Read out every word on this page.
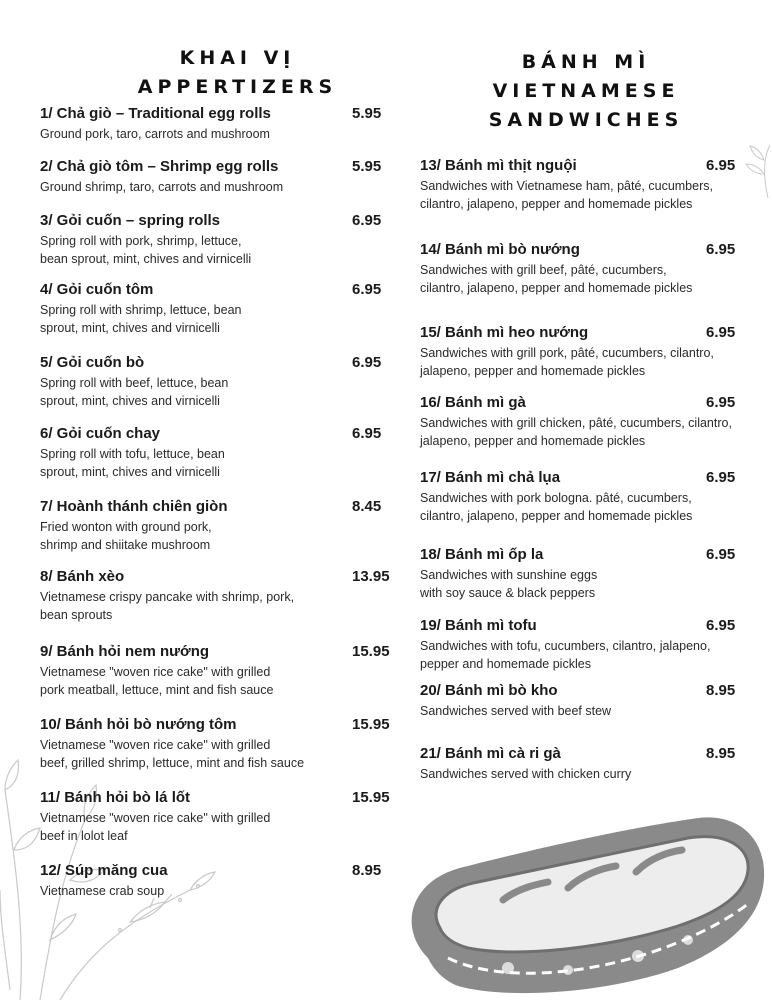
KHAI VỊ
APPERTIZERS
1/ Chả giò – Traditional egg rolls	5.95
Ground pork, taro, carrots and mushroom
2/ Chả giò tôm – Shrimp egg rolls	5.95
Ground shrimp, taro, carrots and mushroom
3/ Gỏi cuốn – spring rolls	6.95
Spring roll with pork, shrimp, lettuce,
bean sprout, mint, chives and virnicelli
4/ Gỏi cuốn tôm	6.95
Spring roll with shrimp, lettuce, bean
sprout, mint, chives and virnicelli
5/ Gỏi cuốn bò	6.95
Spring roll with beef, lettuce, bean
sprout, mint, chives and virnicelli
6/ Gỏi cuốn chay	6.95
Spring roll with tofu, lettuce, bean
sprout, mint, chives and virnicelli
7/ Hoành thánh chiên giòn	8.45
Fried wonton with ground pork,
shrimp and shiitake mushroom
8/ Bánh xèo	13.95
Vietnamese crispy pancake with shrimp, pork,
bean sprouts
9/ Bánh hỏi nem nướng	15.95
Vietnamese "woven rice cake" with grilled
pork meatball, lettuce, mint and fish sauce
10/ Bánh hỏi bò nướng tôm	15.95
Vietnamese "woven rice cake" with grilled
beef, grilled shrimp, lettuce, mint and fish sauce
11/ Bánh hỏi bò lá lốt	15.95
Vietnamese "woven rice cake" with grilled
beef in lolot leaf
12/ Súp măng cua	8.95
Vietnamese crab soup
BÁNH MÌ
VIETNAMESE
SANDWICHES
13/ Bánh mì thịt nguội	6.95
Sandwiches with Vietnamese ham, pâté, cucumbers,
cilantro, jalapeno, pepper and homemade pickles
14/ Bánh mì bò nướng	6.95
Sandwiches with grill beef, pâté, cucumbers,
cilantro, jalapeno, pepper and homemade pickles
15/ Bánh mì heo nướng	6.95
Sandwiches with grill pork, pâté, cucumbers, cilantro,
jalapeno, pepper and homemade pickles
16/ Bánh mì gà	6.95
Sandwiches with grill chicken, pâté, cucumbers, cilantro,
jalapeno, pepper and homemade pickles
17/ Bánh mì chả lụa	6.95
Sandwiches with pork bologna. pâté, cucumbers,
cilantro, jalapeno, pepper and homemade pickles
18/ Bánh mì ốp la	6.95
Sandwiches with sunshine eggs
with soy sauce & black peppers
19/ Bánh mì tofu	6.95
Sandwiches with tofu, cucumbers, cilantro, jalapeno,
pepper and homemade pickles
20/ Bánh mì bò kho	8.95
Sandwiches served with beef stew
21/ Bánh mì cà ri gà	8.95
Sandwiches served with chicken curry
